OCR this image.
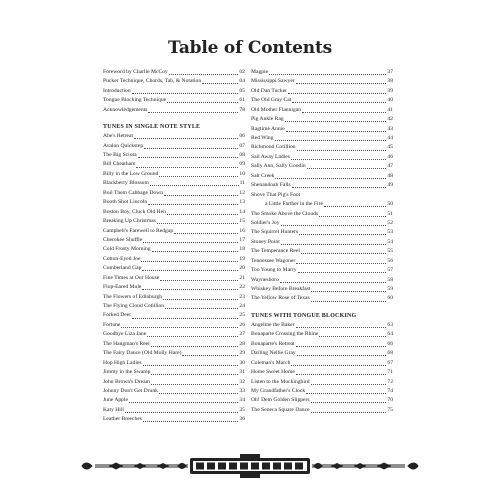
Table of Contents
Foreword by Charlie McCoy	02
Pucker Technique, Chords, Tab, & Notation	04
Introduction	05
Tongue Blocking Technique	61
Acknowledgements	78
TUNES IN SINGLE NOTE STYLE
Abe's Retreat	06
Avalon Quickstep	07
The Big Sciota	08
Bill Cheatham	09
Billy in the Low Ground	10
Blackberry Blossom	11
Boil Them Cabbage Down	12
Booth Shot Lincoln	13
Boston Boy, Cluck Old Hen	14
Breaking Up Christmas	15
Campbell's Farewell to Redgap	16
Cherokee Shuffle	17
Cold Frosty Morning	18
Cotton-Eyed Joe	19
Cumberland Gap	20
Fine Times at Our House	21
Flop-Eared Mule	22
The Flowers of Edinburgh	23
The Flying Cloud Cotillion	24
Forked Deer	25
Fortune	26
Goodbye Liza Jane	27
The Hangman's Reel	28
The Fairy Dance (Old Molly Hare)	29
Hop High Ladies	30
Jimmy in the Swamp	31
John Brown's Dream	32
Johnny Don't Get Drunk	33
June Apple	34
Katy Hill	35
Leather Breeches	36
Magpie	37
Mississippi Sawyer	38
Old Dan Tucker	39
The Old Gray Cat	40
Old Mother Flannigan	41
Pig Ankle Rag	42
Ragtime Annie	43
Red Wing	44
Richmond Cotillion	45
Sail Away Ladies	46
Sally Ann, Sally Goodin	47
Salt Creek	48
Shenandoah Falls	49
Shove That Pig's Foot
a Little Farther in the Fire	50
The Smoke Above the Clouds	51
Soldier's Joy	52
The Squirrel Hunters	53
Stoney Point	54
The Temperance Reel	55
Tennessee Wagoner	56
Too Young to Marry	57
Waynesboro	58
Whiskey Before Breakfast	59
The Yellow Rose of Texas	60
TUNES WITH TONGUE BLOCKING
Angeline the Baker	63
Bonaparte Crossing the Rhine	64
Bonaparte's Retreat	66
Darling Nellie Gray	68
Coleman's March	67
Home Sweet Home	71
Listen to the Mockingbird	72
My Grandfather's Clock	74
Oh! Dem Golden Slippers	70
The Seneca Square Dance	75
